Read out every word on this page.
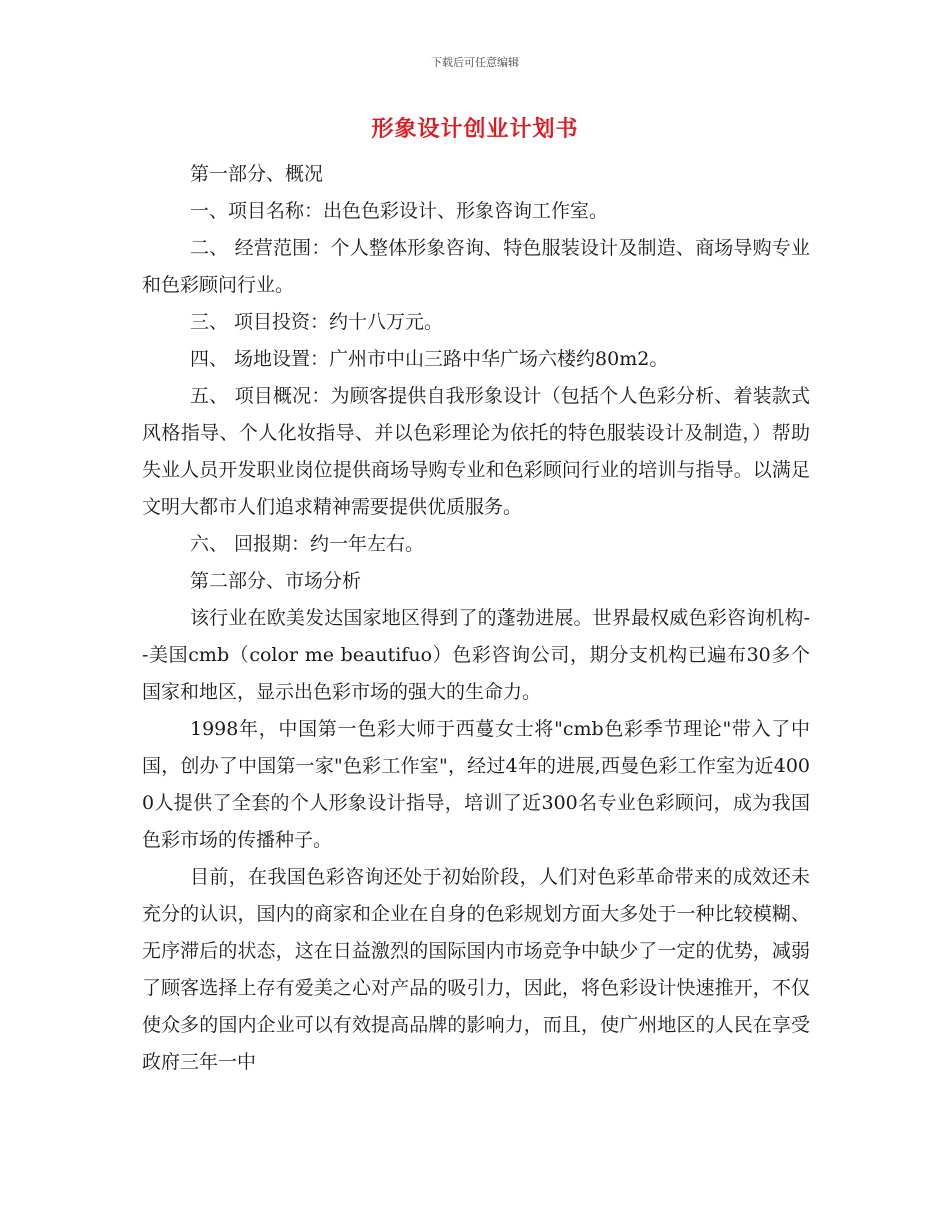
下载后可任意编辑
形象设计创业计划书

第一部分、概况

一、项目名称：出色色彩设计、形象咨询工作室。

二、 经营范围：个人整体形象咨询、特色服装设计及制造、商场导购专业和色彩顾问行业。

三、 项目投资：约十八万元。

四、 场地设置：广州市中山三路中华广场六楼约80m2。

五、 项目概况：为顾客提供自我形象设计（包括个人色彩分析、着装款式风格指导、个人化妆指导、并以色彩理论为依托的特色服装设计及制造，）帮助失业人员开发职业岗位提供商场导购专业和色彩顾问行业的培训与指导。以满足文明大都市人们追求精神需要提供优质服务。

六、 回报期：约一年左右。

第二部分、市场分析

该行业在欧美发达国家地区得到了的蓬勃进展。世界最权威色彩咨询机构--美国cmb（color me beautifuo）色彩咨询公司，期分支机构已遍布30多个国家和地区，显示出色彩市场的强大的生命力。

1998年，中国第一色彩大师于西蔓女士将"cmb色彩季节理论"带入了中国，创办了中国第一家"色彩工作室"，经过4年的进展,西曼色彩工作室为近4000人提供了全套的个人形象设计指导，培训了近300名专业色彩顾问，成为我国色彩市场的传播种子。

目前，在我国色彩咨询还处于初始阶段，人们对色彩革命带来的成效还未充分的认识，国内的商家和企业在自身的色彩规划方面大多处于一种比较模糊、无序滞后的状态，这在日益激烈的国际国内市场竞争中缺少了一定的优势，减弱了顾客选择上存有爱美之心对产品的吸引力，因此，将色彩设计快速推开，不仅使众多的国内企业可以有效提高品牌的影响力，而且，使广州地区的人民在享受政府三年一中
